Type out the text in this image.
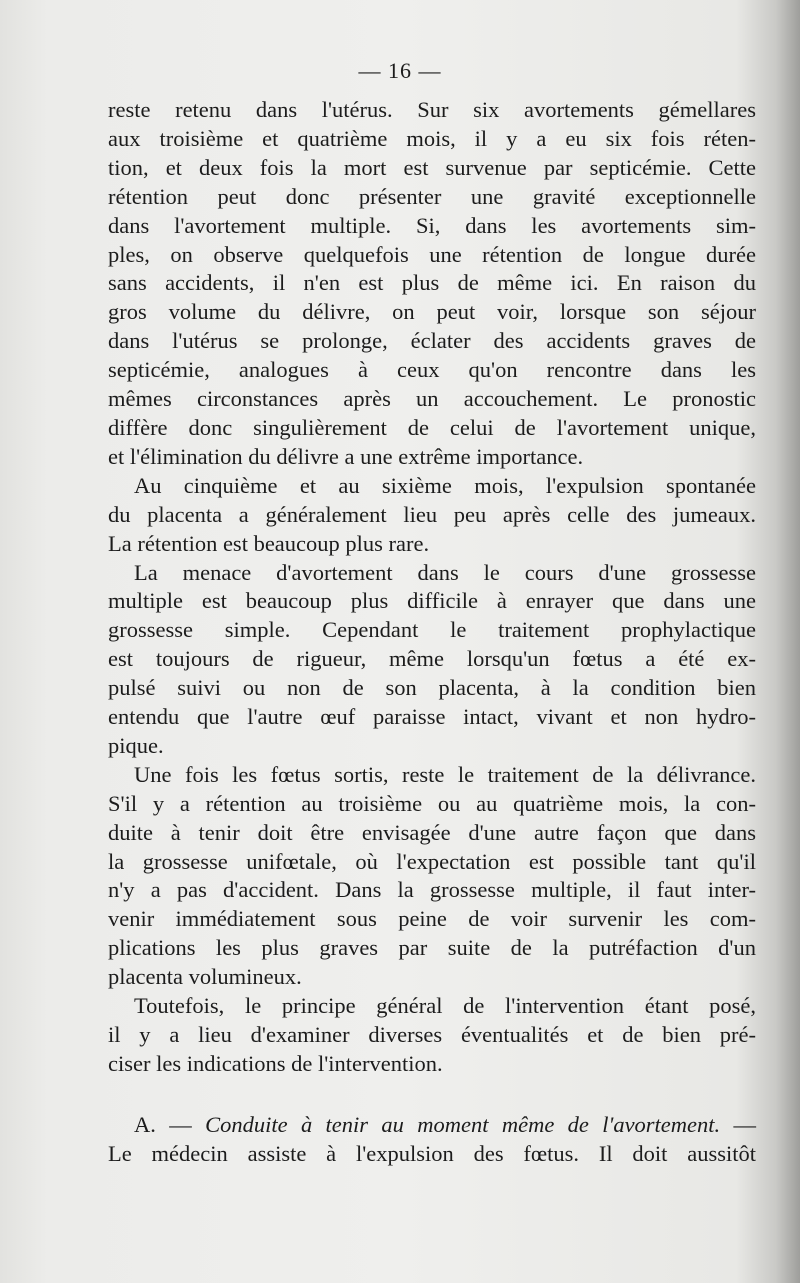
— 16 —
reste retenu dans l'utérus. Sur six avortements gémellares
aux troisième et quatrième mois, il y a eu six fois réten-
tion, et deux fois la mort est survenue par septicémie. Cette
rétention peut donc présenter une gravité exceptionnelle
dans l'avortement multiple. Si, dans les avortements sim-
ples, on observe quelquefois une rétention de longue durée
sans accidents, il n'en est plus de même ici. En raison du
gros volume du délivre, on peut voir, lorsque son séjour
dans l'utérus se prolonge, éclater des accidents graves de
septicémie, analogues à ceux qu'on rencontre dans les
mêmes circonstances après un accouchement. Le pronostic
diffère donc singulièrement de celui de l'avortement unique,
et l'élimination du délivre a une extrême importance.
Au cinquième et au sixième mois, l'expulsion spontanée
du placenta a généralement lieu peu après celle des jumeaux.
La rétention est beaucoup plus rare.
La menace d'avortement dans le cours d'une grossesse
multiple est beaucoup plus difficile à enrayer que dans une
grossesse simple. Cependant le traitement prophylactique
est toujours de rigueur, même lorsqu'un fœtus a été ex-
pulsé suivi ou non de son placenta, à la condition bien
entendu que l'autre œuf paraisse intact, vivant et non hydro-
pique.
Une fois les fœtus sortis, reste le traitement de la délivrance.
S'il y a rétention au troisième ou au quatrième mois, la con-
duite à tenir doit être envisagée d'une autre façon que dans
la grossesse unifœtale, où l'expectation est possible tant qu'il
n'y a pas d'accident. Dans la grossesse multiple, il faut inter-
venir immédiatement sous peine de voir survenir les com-
plications les plus graves par suite de la putréfaction d'un
placenta volumineux.
Toutefois, le principe général de l'intervention étant posé,
il y a lieu d'examiner diverses éventualités et de bien pré-
ciser les indications de l'intervention.
A. — Conduite à tenir au moment même de l'avortement. —
Le médecin assiste à l'expulsion des fœtus. Il doit aussitôt
